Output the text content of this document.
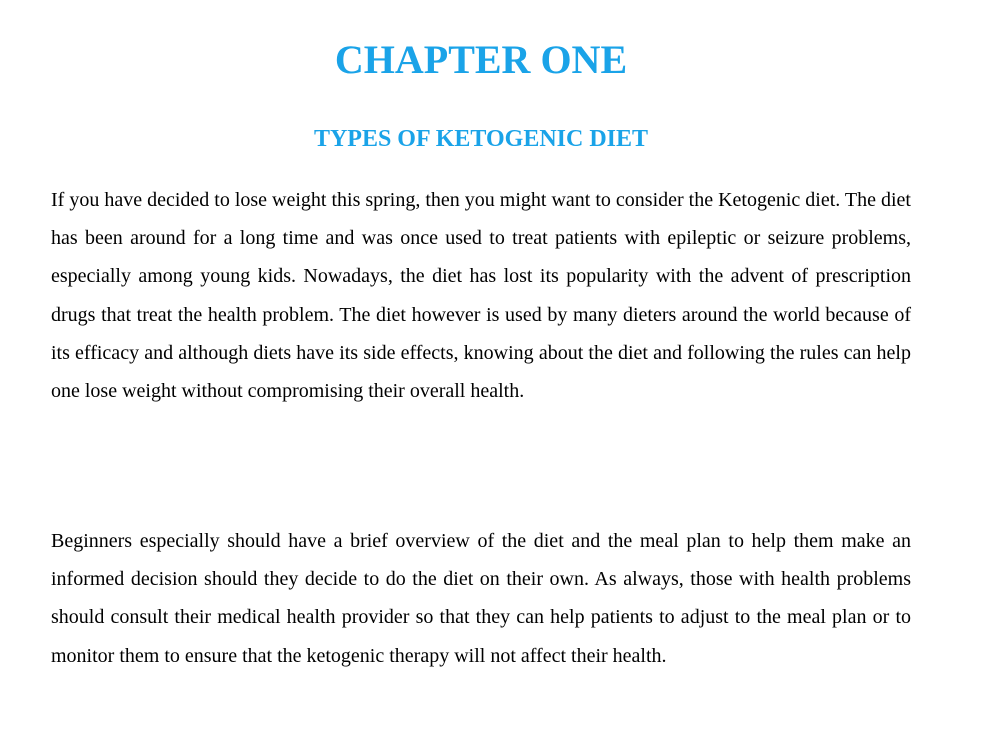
CHAPTER ONE
TYPES OF KETOGENIC DIET

If you have decided to lose weight this spring, then you might want to consider the Ketogenic diet. The diet has been around for a long time and was once used to treat patients with epileptic or seizure problems, especially among young kids. Nowadays, the diet has lost its popularity with the advent of prescription drugs that treat the health problem. The diet however is used by many dieters around the world because of its efficacy and although diets have its side effects, knowing about the diet and following the rules can help one lose weight without compromising their overall health.

Beginners especially should have a brief overview of the diet and the meal plan to help them make an informed decision should they decide to do the diet on their own. As always, those with health problems should consult their medical health provider so that they can help patients to adjust to the meal plan or to monitor them to ensure that the ketogenic therapy will not affect their health.
